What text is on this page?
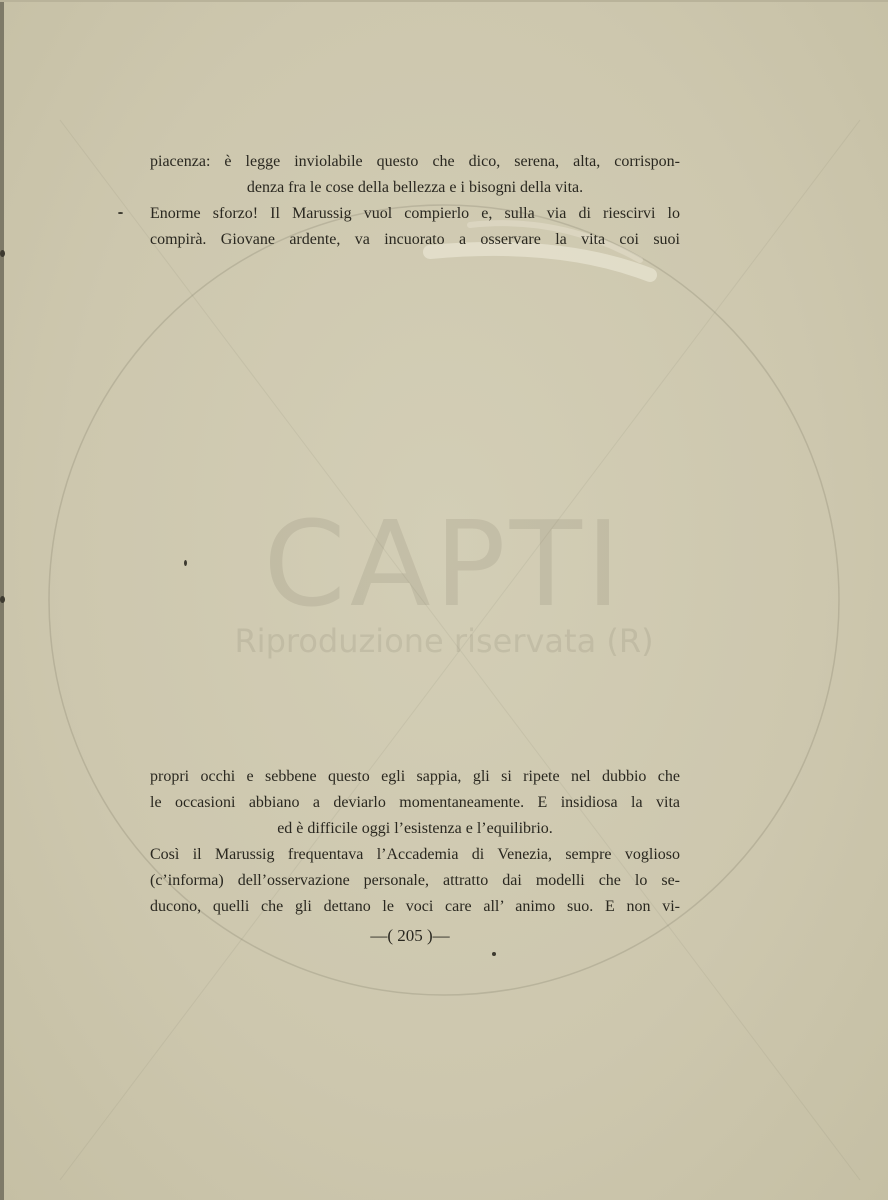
CAPTI
Riproduzione riservata (R)
piacenza: è legge inviolabile questo che dico, serena, alta, corrispon-
denza fra le cose della bellezza e i bisogni della vita.
Enorme sforzo! Il Marussig vuol compierlo e, sulla via di riescirvi lo
compirà. Giovane ardente, va incuorato a osservare la vita coi suoi
propri occhi e sebbene questo egli sappia, gli si ripete nel dubbio che
le occasioni abbiano a deviarlo momentaneamente. E insidiosa la vita
ed è difficile oggi l’esistenza e l’equilibrio.
Così il Marussig frequentava l’Accademia di Venezia, sempre voglioso
(c’informa) dell’osservazione personale, attratto dai modelli che lo se-
ducono, quelli che gli dettano le voci care all’ animo suo. E non vi-
—( 205 )—
